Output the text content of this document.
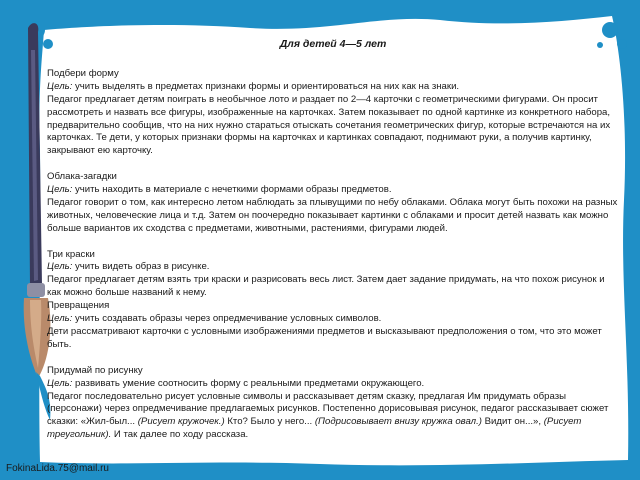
Для детей 4—5 лет

Подбери форму

Цель: учить выделять в предметах признаки формы и ориентироваться на них как на знаки.

Педагог предлагает детям поиграть в необычное лото и раздает по 2—4 карточки с геометрическими фигурами. Он просит рассмотреть и назвать все фигуры, изображенные на карточках. Затем показывает по одной картинке из конкретного набора, предварительно сообщив, что на них нужно стараться отыскать сочетания геометрических фигур, которые встречаются на их карточках. Те дети, у которых признаки формы на карточках и картинках совпадают, поднимают руки, а получив картинку, закрывают ею карточку.

Облака-загадки

Цель: учить находить в материале с нечеткими формами образы предметов.

Педагог говорит о том, как интересно летом наблюдать за плывущими по небу облаками. Облака могут быть похожи на разных животных, человеческие лица и т.д. Затем он поочередно показывает картинки с облаками и просит детей назвать как можно больше вариантов их сходства с предметами, животными, растениями, фигурами людей.

Три краски

Цель: учить видеть образ в рисунке.

Педагог предлагает детям взять три краски и разрисовать весь лист. Затем дает задание придумать, на что похож рисунок и как можно больше названий к нему.

Превращения

Цель: учить создавать образы через опредмечивание условных символов.

Дети рассматривают карточки с условными изображениями предметов и высказывают предположения о том, что это может быть.

Придумай по рисунку

Цель: развивать умение соотносить форму с реальными предметами окружающего.

Педагог последовательно рисует условные символы и рассказывает детям сказку, предлагая Им придумать образы (персонажи) через опредмечивание предлагаемых рисунков. Постепенно дорисовывая рисунок, педагог рассказывает сюжет сказки: «Жил-был... (Рисует кружочек.) Кто? Было у него... (Подрисовывает внизу кружка овал.) Видит он...», (Рисует треугольник). И так далее по ходу рассказа.

FokinaLida.75@mail.ru
